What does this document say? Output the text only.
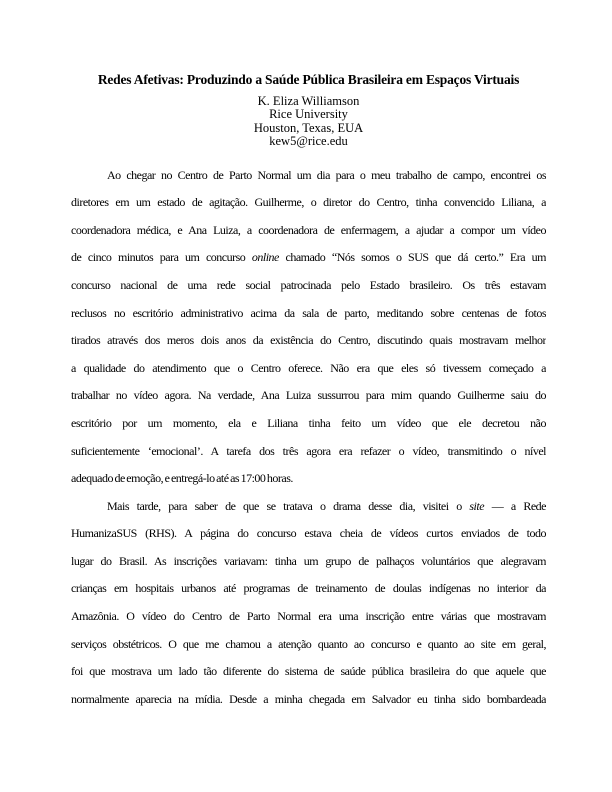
Redes Afetivas: Produzindo a Saúde Pública Brasileira em Espaços Virtuais
K. Eliza Williamson
Rice University
Houston, Texas, EUA
kew5@rice.edu
Ao chegar no Centro de Parto Normal um dia para o meu trabalho de campo, encontrei os
diretores em um estado de agitação. Guilherme, o diretor do Centro, tinha convencido Liliana, a
coordenadora médica, e Ana Luiza, a coordenadora de enfermagem, a ajudar a compor um vídeo
de cinco minutos para um concurso online chamado “Nós somos o SUS que dá certo.” Era um
concurso nacional de uma rede social patrocinada pelo Estado brasileiro. Os três estavam
reclusos no escritório administrativo acima da sala de parto, meditando sobre centenas de fotos
tirados através dos meros dois anos da existência do Centro, discutindo quais mostravam melhor
a qualidade do atendimento que o Centro oferece. Não era que eles só tivessem começado a
trabalhar no vídeo agora. Na verdade, Ana Luiza sussurrou para mim quando Guilherme saiu do
escritório por um momento, ela e Liliana tinha feito um vídeo que ele decretou não
suficientemente ‘emocional’. A tarefa dos três agora era refazer o vídeo, transmitindo o nível
adequado de emoção, e entregá-lo até as 17:00 horas.
Mais tarde, para saber de que se tratava o drama desse dia, visitei o site — a Rede
HumanizaSUS (RHS). A página do concurso estava cheia de vídeos curtos enviados de todo
lugar do Brasil. As inscrições variavam: tinha um grupo de palhaços voluntários que alegravam
crianças em hospitais urbanos até programas de treinamento de doulas indígenas no interior da
Amazônia. O vídeo do Centro de Parto Normal era uma inscrição entre várias que mostravam
serviços obstétricos. O que me chamou a atenção quanto ao concurso e quanto ao site em geral,
foi que mostrava um lado tão diferente do sistema de saúde pública brasileira do que aquele que
normalmente aparecia na mídia. Desde a minha chegada em Salvador eu tinha sido bombardeada
